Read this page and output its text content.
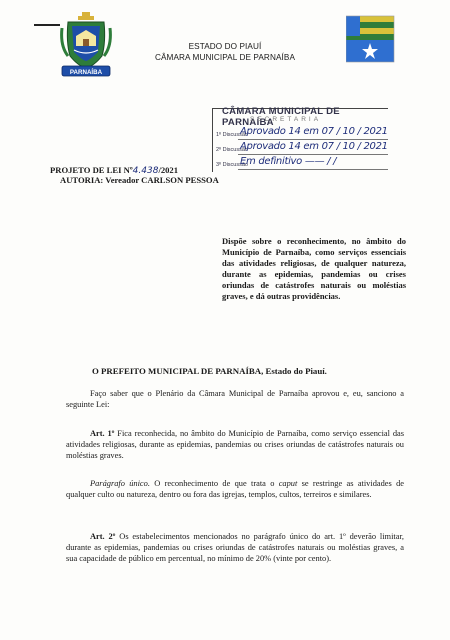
PARNAÍBA
ESTADO DO PIAUÍ
CÂMARA MUNICIPAL DE PARNAÍBA
CÂMARA MUNICIPAL DE PARNAÍBA
SECRETARIA
1º Discussão
Aprovado 14 em 07 / 10 / 2021
2º Discussão
Aprovado 14 em 07 / 10 / 2021
3º Discussão
Em definitivo —— / /
PROJETO DE LEI Nº4.438/2021
AUTORIA: Vereador CARLSON PESSOA
Dispõe sobre o reconhecimento, no âmbito do Município de Parnaíba, como serviços essenciais das atividades religiosas, de qualquer natureza, durante as epidemias, pandemias ou crises oriundas de catástrofes naturais ou moléstias graves, e dá outras providências.
O PREFEITO MUNICIPAL DE PARNAÍBA, Estado do Piauí.

Faço saber que o Plenário da Câmara Municipal de Parnaíba aprovou e, eu, sanciono a seguinte Lei:

Art. 1º Fica reconhecida, no âmbito do Município de Parnaíba, como serviço essencial das atividades religiosas, durante as epidemias, pandemias ou crises oriundas de catástrofes naturais ou moléstias graves.

Parágrafo único. O reconhecimento de que trata o caput se restringe as atividades de qualquer culto ou natureza, dentro ou fora das igrejas, templos, cultos, terreiros e similares.

Art. 2º Os estabelecimentos mencionados no parágrafo único do art. 1º deverão limitar, durante as epidemias, pandemias ou crises oriundas de catástrofes naturais ou moléstias graves, a sua capacidade de público em percentual, no mínimo de 20% (vinte por cento).
